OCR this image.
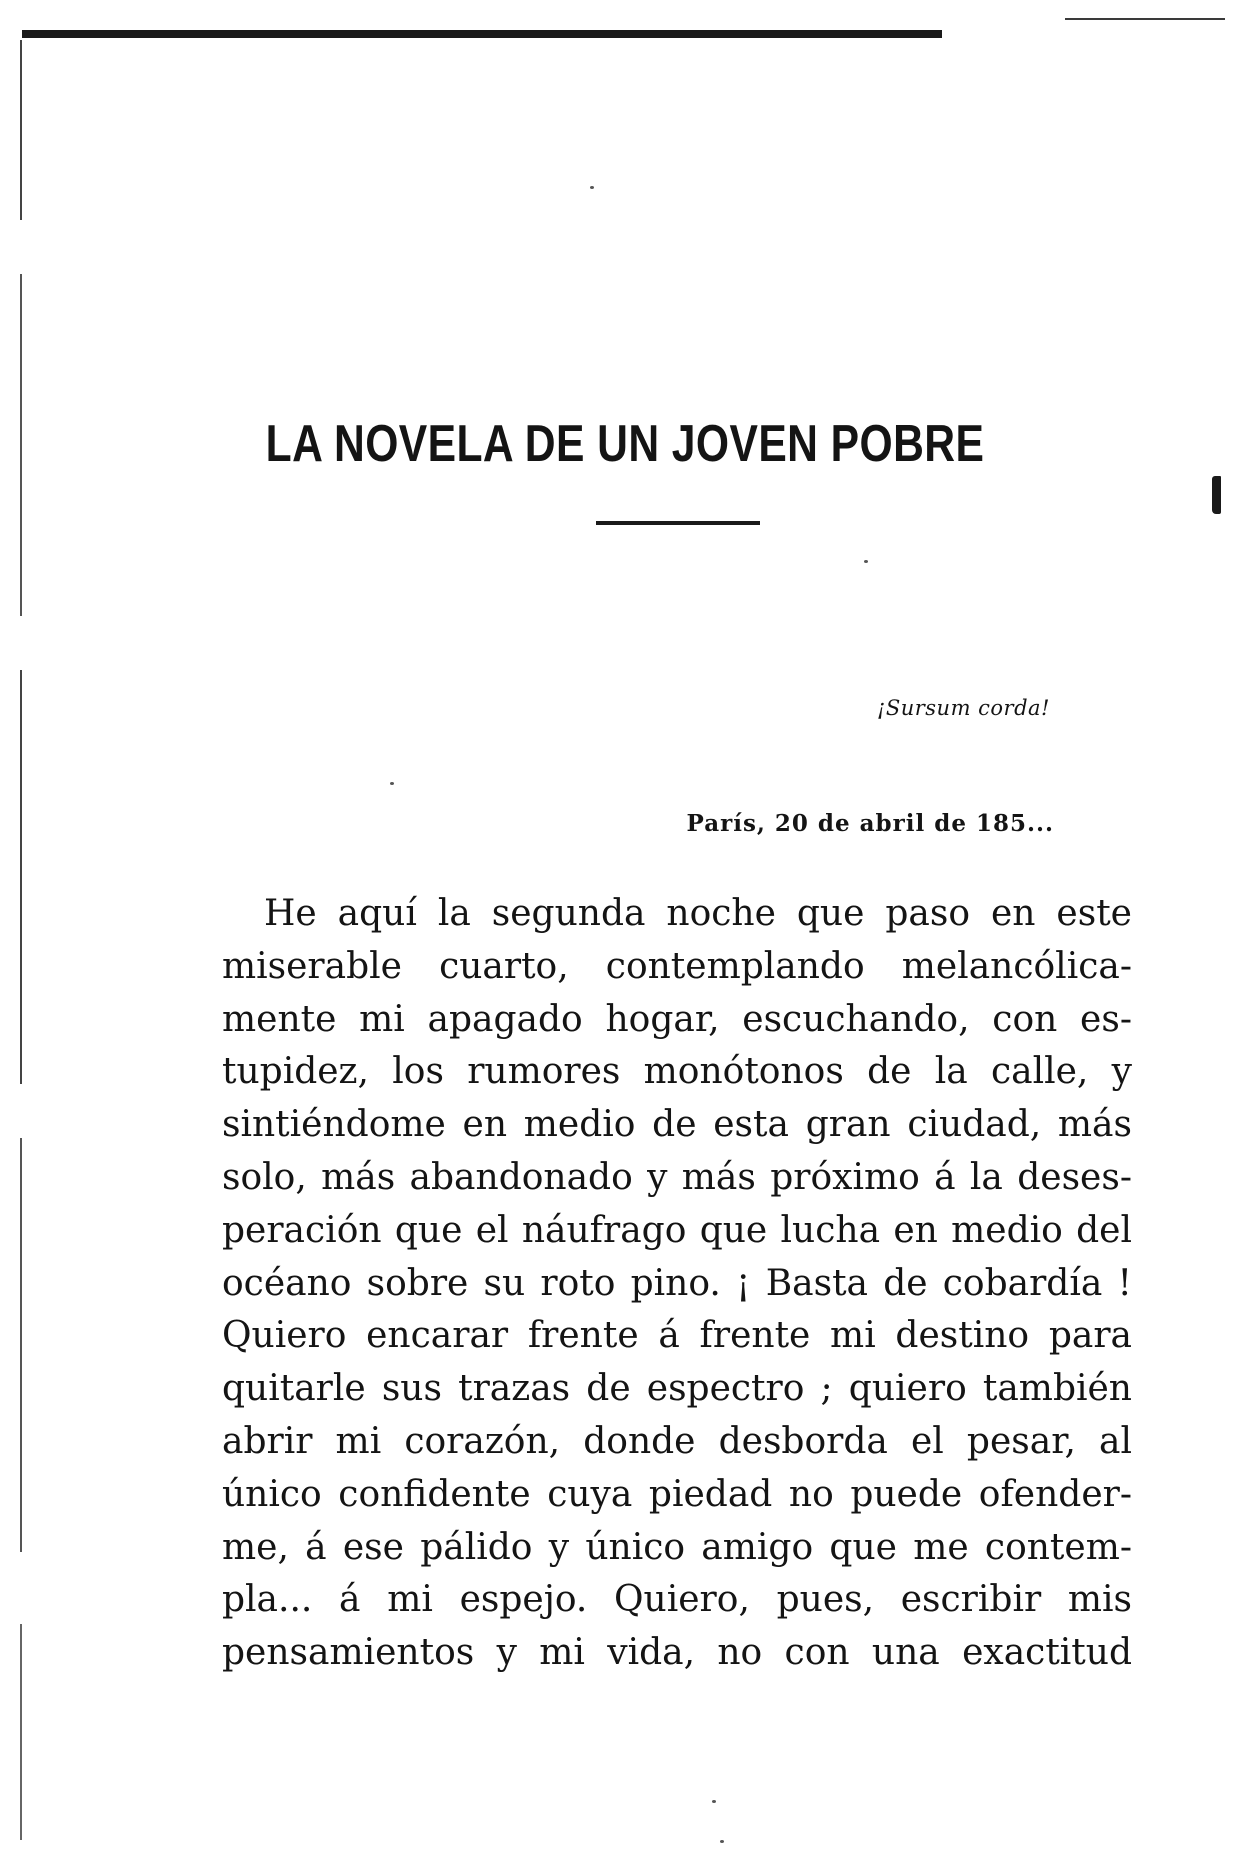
LA NOVELA DE UN JOVEN POBRE
¡Sursum corda!
París, 20 de abril de 185...
He aquí la segunda noche que paso en este
miserable cuarto, contemplando melancólica-
mente mi apagado hogar, escuchando, con es-
tupidez, los rumores monótonos de la calle, y
sintiéndome en medio de esta gran ciudad, más
solo, más abandonado y más próximo á la deses-
peración que el náufrago que lucha en medio del
océano sobre su roto pino. ¡ Basta de cobardía !
Quiero encarar frente á frente mi destino para
quitarle sus trazas de espectro ; quiero también
abrir mi corazón, donde desborda el pesar, al
único confidente cuya piedad no puede ofender-
me, á ese pálido y único amigo que me contem-
pla... á mi espejo. Quiero, pues, escribir mis
pensamientos y mi vida, no con una exactitud
